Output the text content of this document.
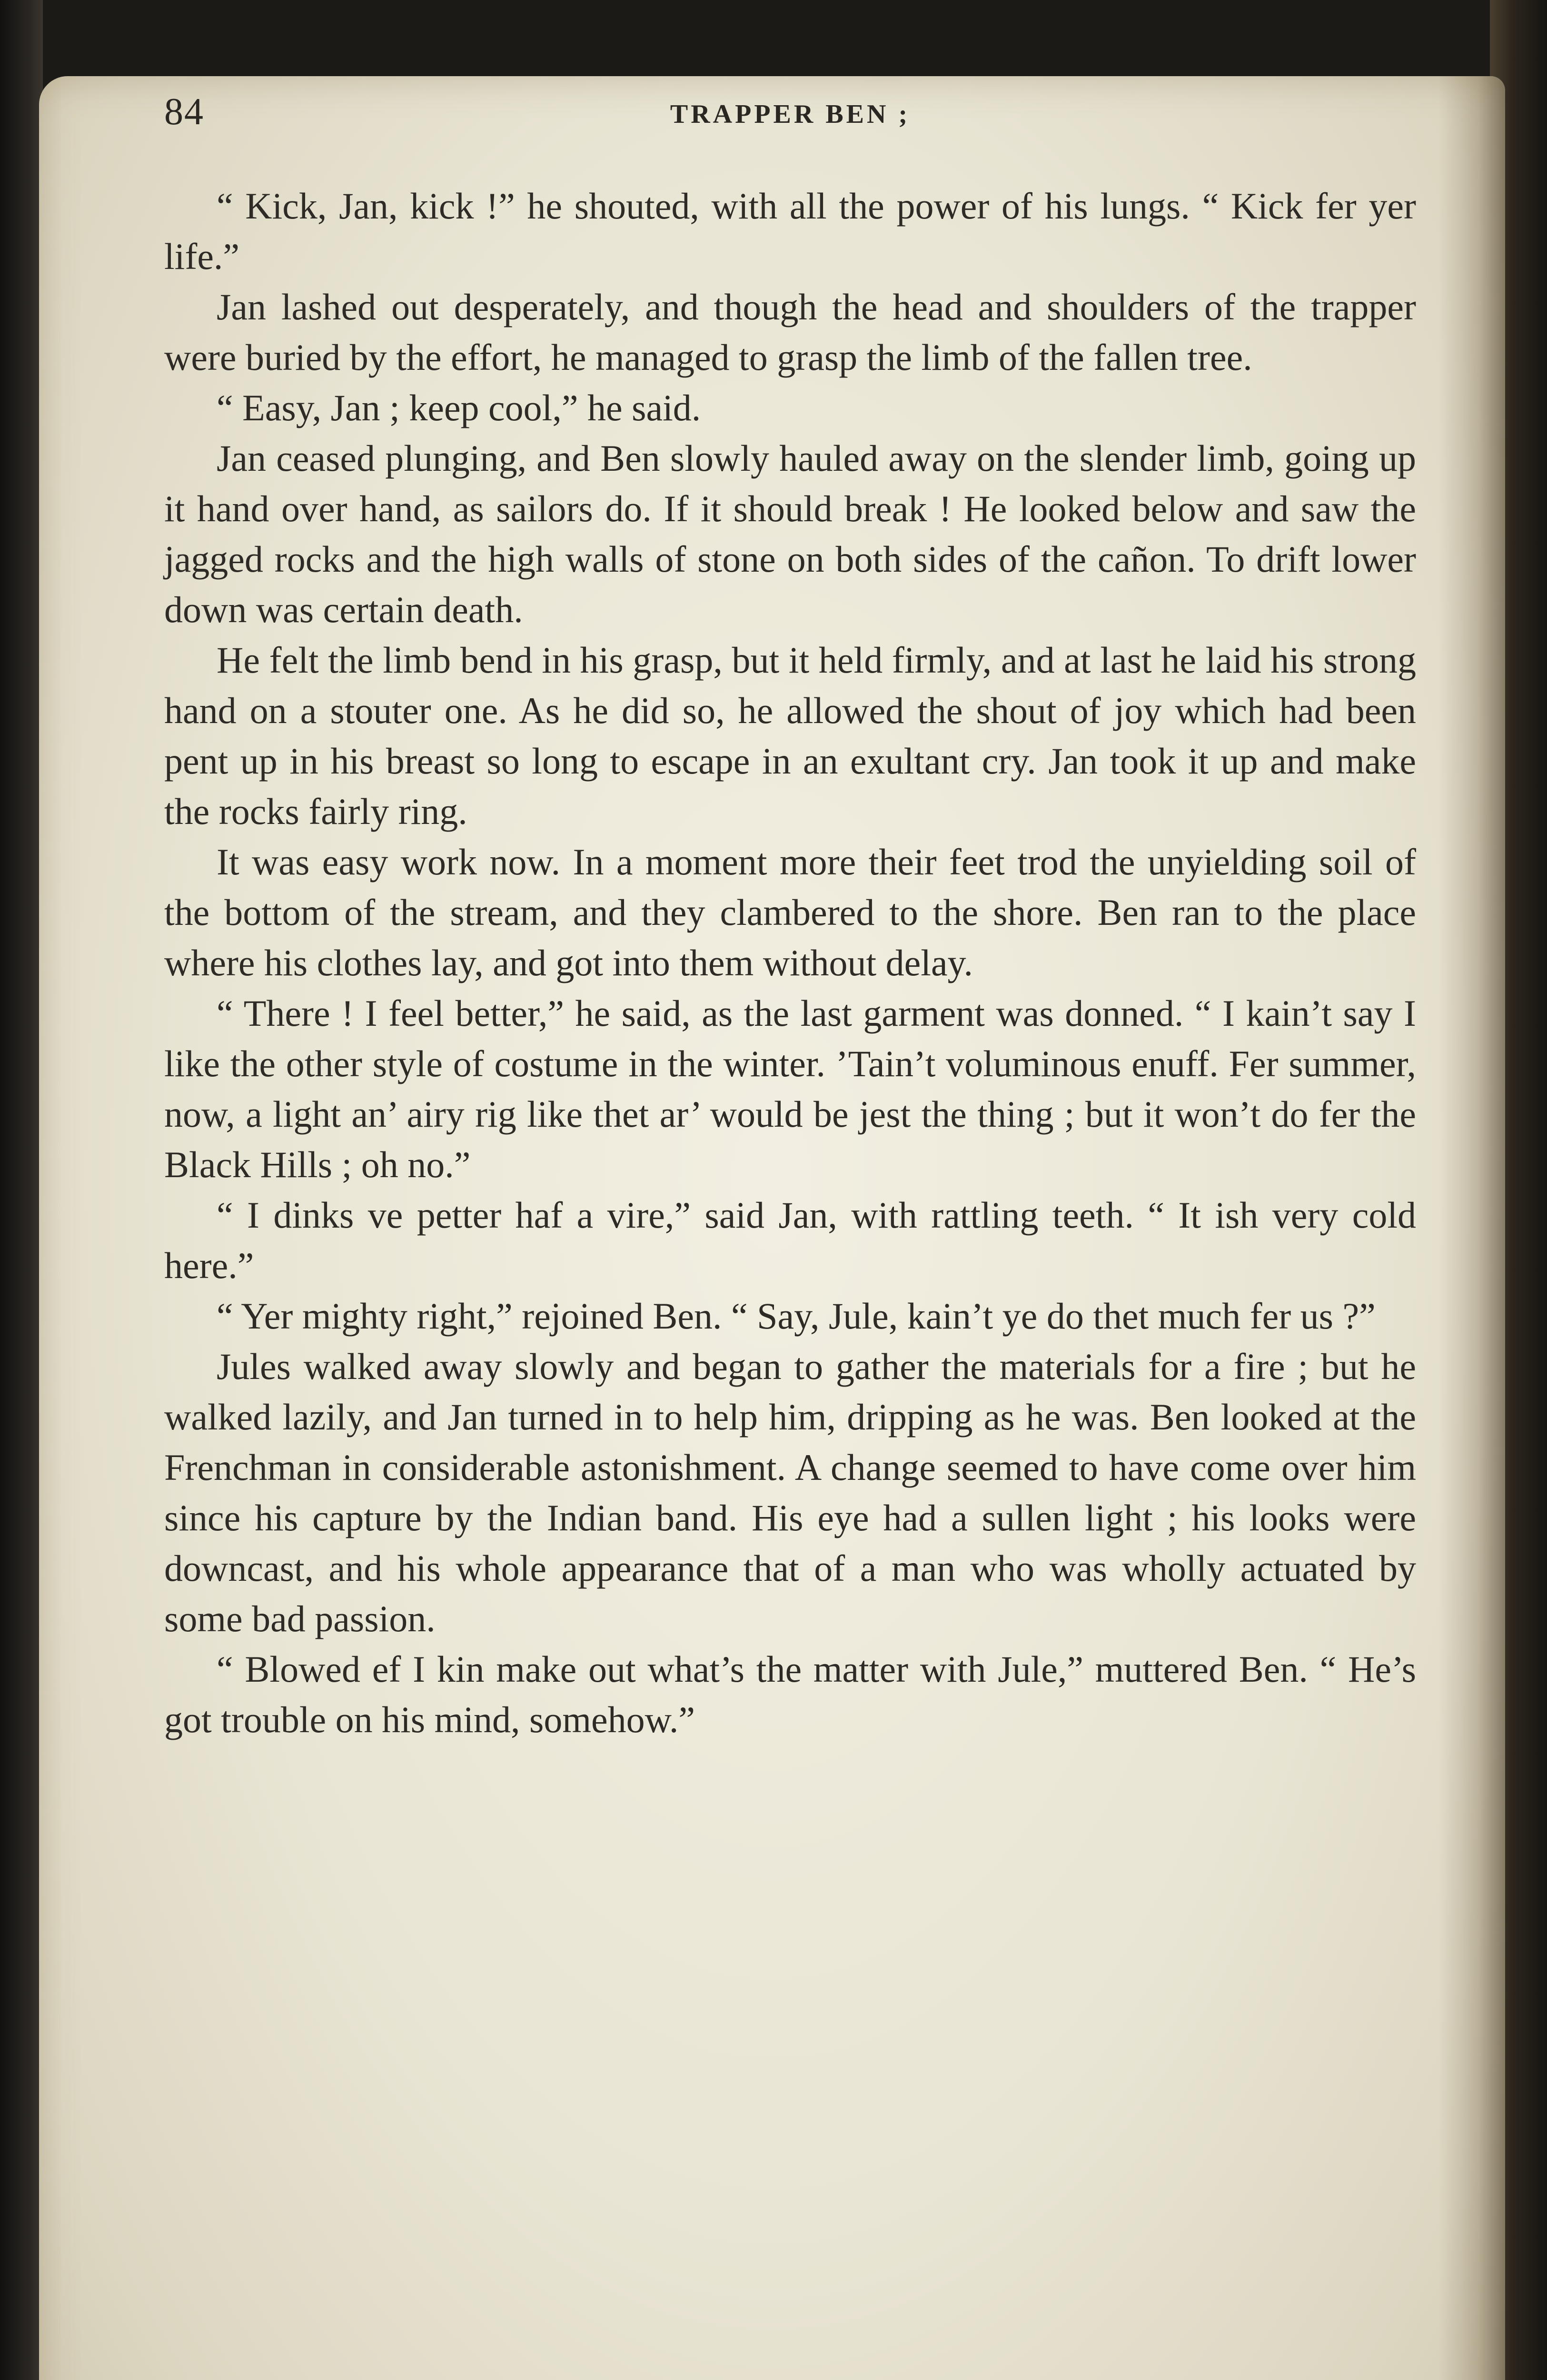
84	TRAPPER BEN ;

“ Kick, Jan, kick !” he shouted, with all the power of his lungs. “ Kick fer yer life.”

Jan lashed out desperately, and though the head and shoulders of the trapper were buried by the effort, he managed to grasp the limb of the fallen tree.

“ Easy, Jan ; keep cool,” he said.

Jan ceased plunging, and Ben slowly hauled away on the slender limb, going up it hand over hand, as sailors do. If it should break ! He looked below and saw the jagged rocks and the high walls of stone on both sides of the cañon. To drift lower down was certain death.

He felt the limb bend in his grasp, but it held firmly, and at last he laid his strong hand on a stouter one. As he did so, he allowed the shout of joy which had been pent up in his breast so long to escape in an exultant cry. Jan took it up and make the rocks fairly ring.

It was easy work now. In a moment more their feet trod the unyielding soil of the bottom of the stream, and they clambered to the shore. Ben ran to the place where his clothes lay, and got into them without delay.

“ There ! I feel better,” he said, as the last garment was donned. “ I kain’t say I like the other style of costume in the winter. ’Tain’t voluminous enuff. Fer summer, now, a light an’ airy rig like thet ar’ would be jest the thing ; but it won’t do fer the Black Hills ; oh no.”

“ I dinks ve petter haf a vire,” said Jan, with rattling teeth. “ It ish very cold here.”

“ Yer mighty right,” rejoined Ben. “ Say, Jule, kain’t ye do thet much fer us ?”

Jules walked away slowly and began to gather the materials for a fire ; but he walked lazily, and Jan turned in to help him, dripping as he was. Ben looked at the Frenchman in considerable astonishment. A change seemed to have come over him since his capture by the Indian band. His eye had a sullen light ; his looks were downcast, and his whole appearance that of a man who was wholly actuated by some bad passion.

“ Blowed ef I kin make out what’s the matter with Jule,” muttered Ben. “ He’s got trouble on his mind, somehow.”
